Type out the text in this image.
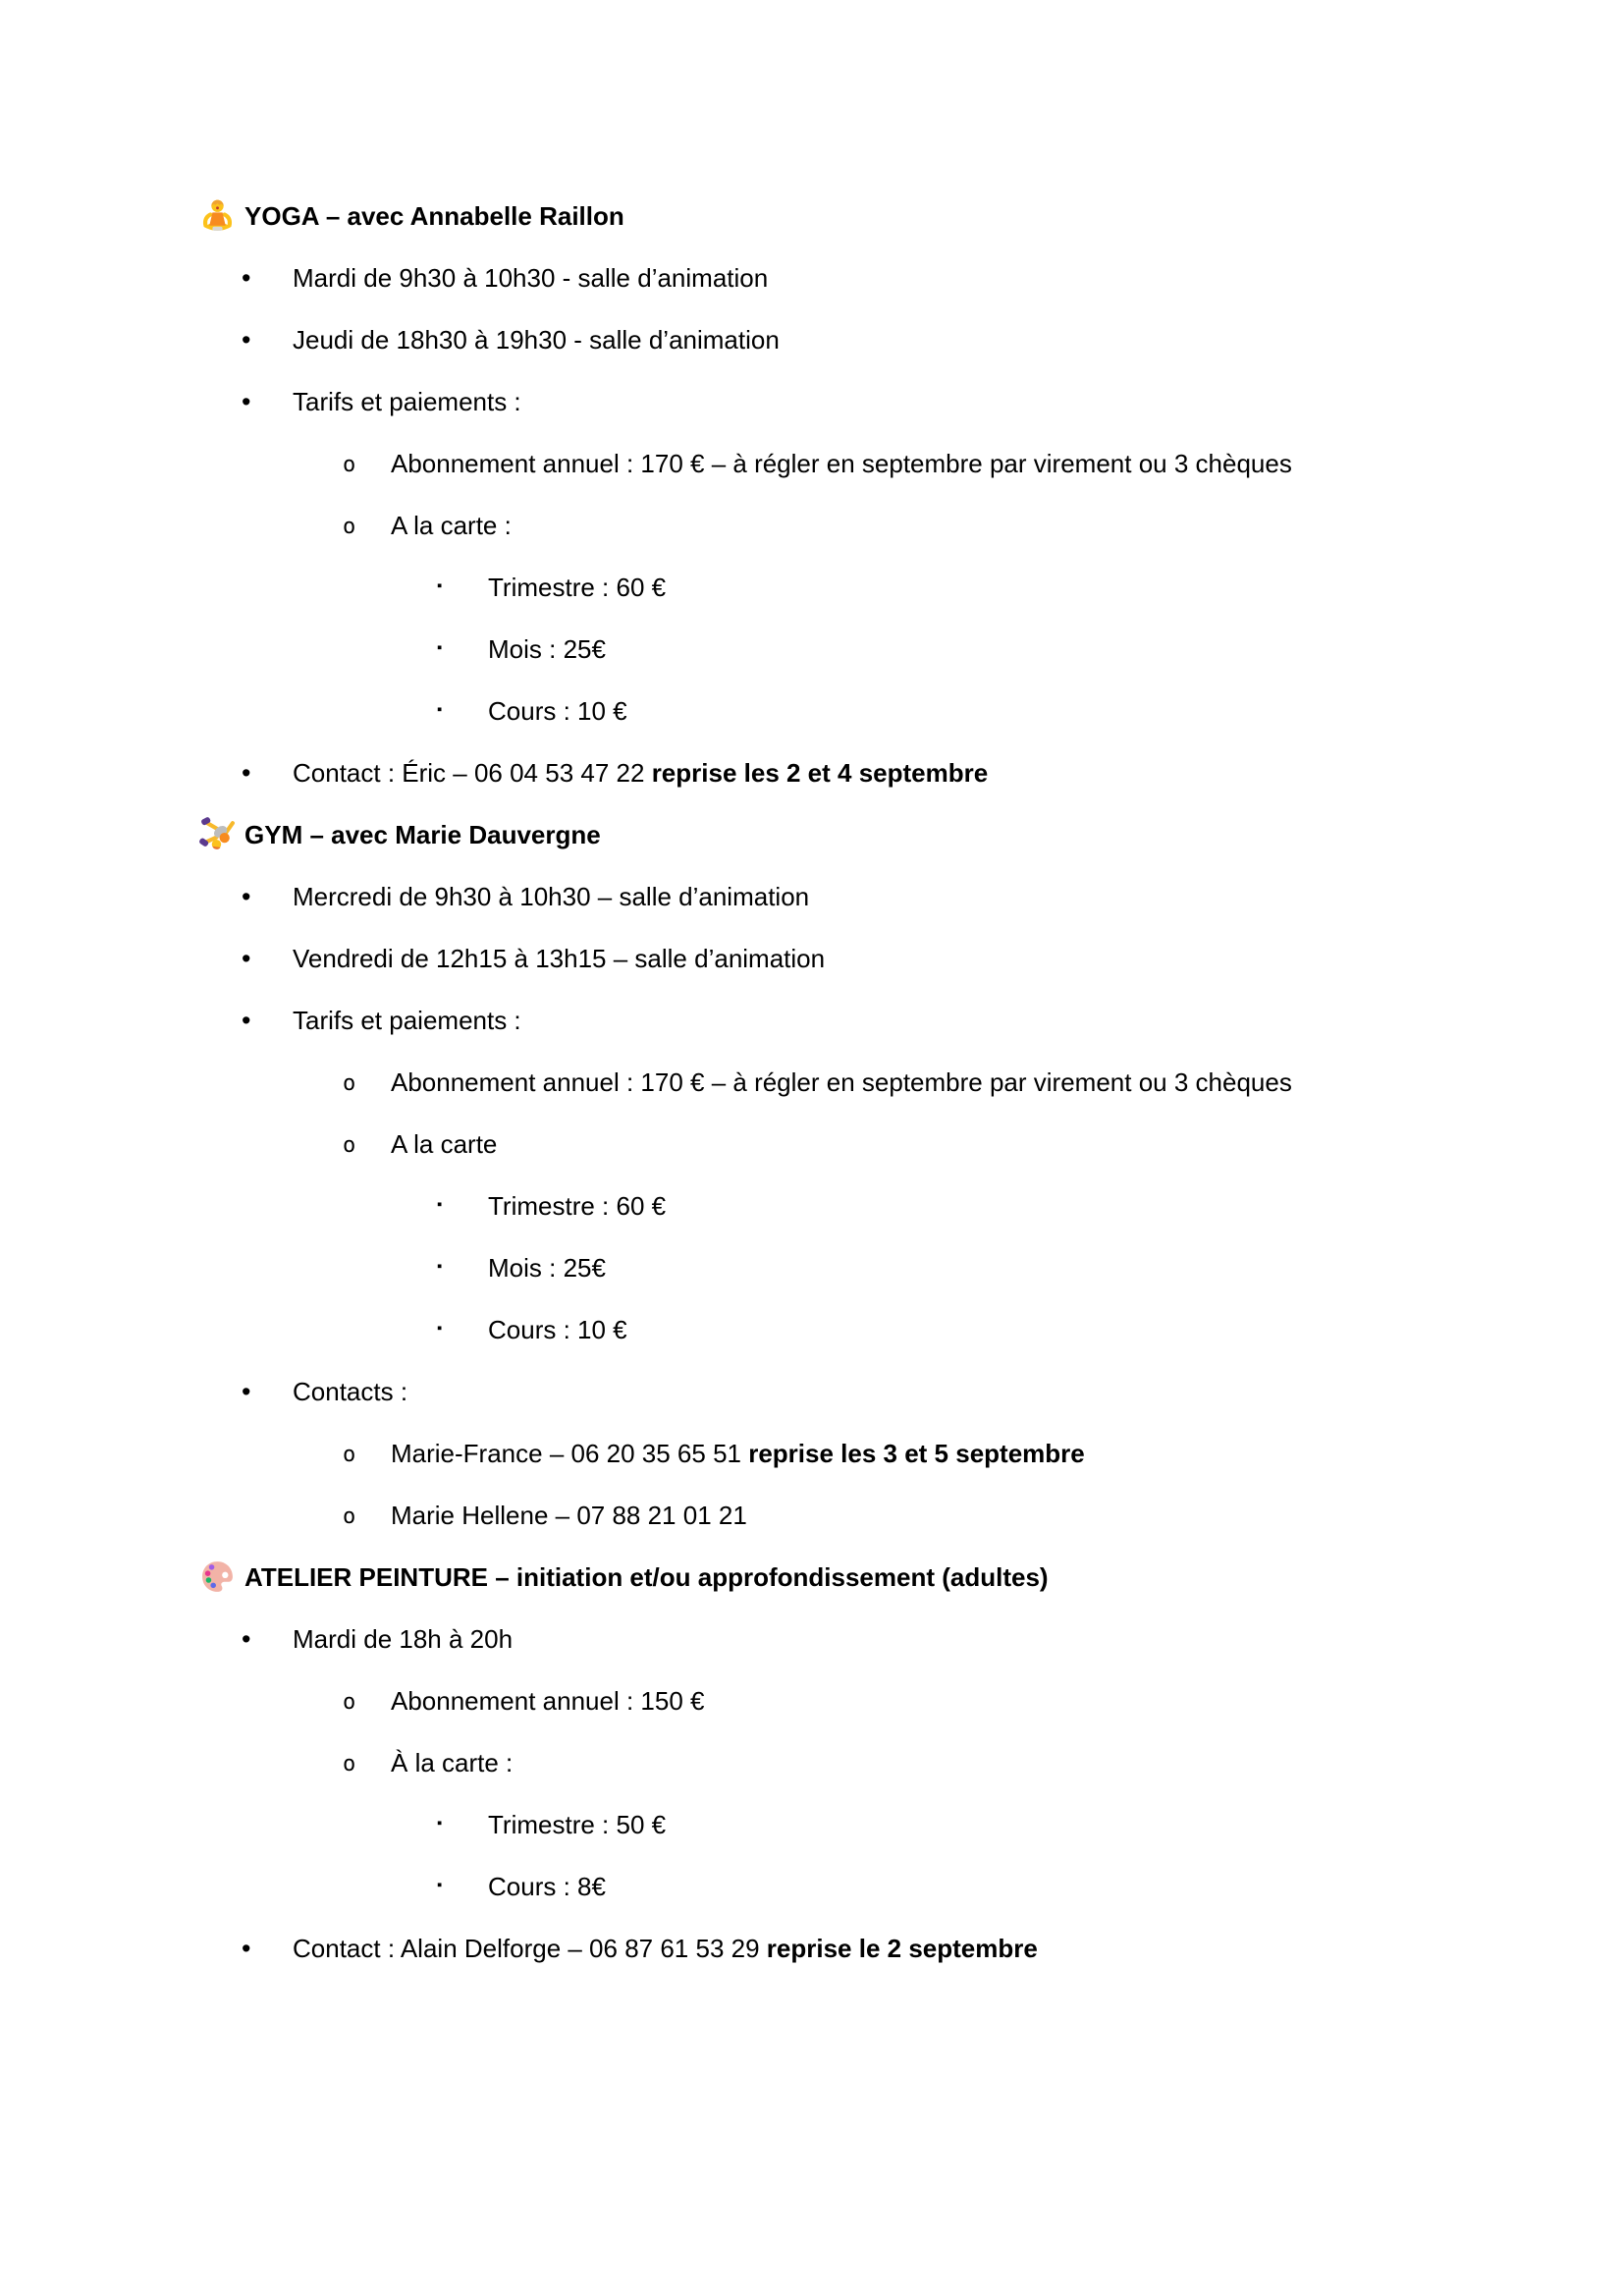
YOGA – avec Annabelle Raillon
• Mardi de 9h30 à 10h30 - salle d’animation
• Jeudi de 18h30 à 19h30 - salle d’animation
• Tarifs et paiements :
o Abonnement annuel : 170 € – à régler en septembre par virement ou 3 chèques
o A la carte :
▪ Trimestre : 60 €
▪ Mois : 25€
▪ Cours : 10 €
• Contact : Éric – 06 04 53 47 22 reprise les 2 et 4 septembre
GYM – avec Marie Dauvergne
• Mercredi de 9h30 à 10h30 – salle d’animation
• Vendredi de 12h15 à 13h15 – salle d’animation
• Tarifs et paiements :
o Abonnement annuel : 170 € – à régler en septembre par virement ou 3 chèques
o A la carte
▪ Trimestre : 60 €
▪ Mois : 25€
▪ Cours : 10 €
• Contacts :
o Marie-France – 06 20 35 65 51 reprise les 3 et 5 septembre
o Marie Hellene – 07 88 21 01 21
ATELIER PEINTURE – initiation et/ou approfondissement (adultes)
• Mardi de 18h à 20h
o Abonnement annuel : 150 €
o À la carte :
▪ Trimestre : 50 €
▪ Cours : 8€
• Contact : Alain Delforge – 06 87 61 53 29 reprise le 2 septembre
